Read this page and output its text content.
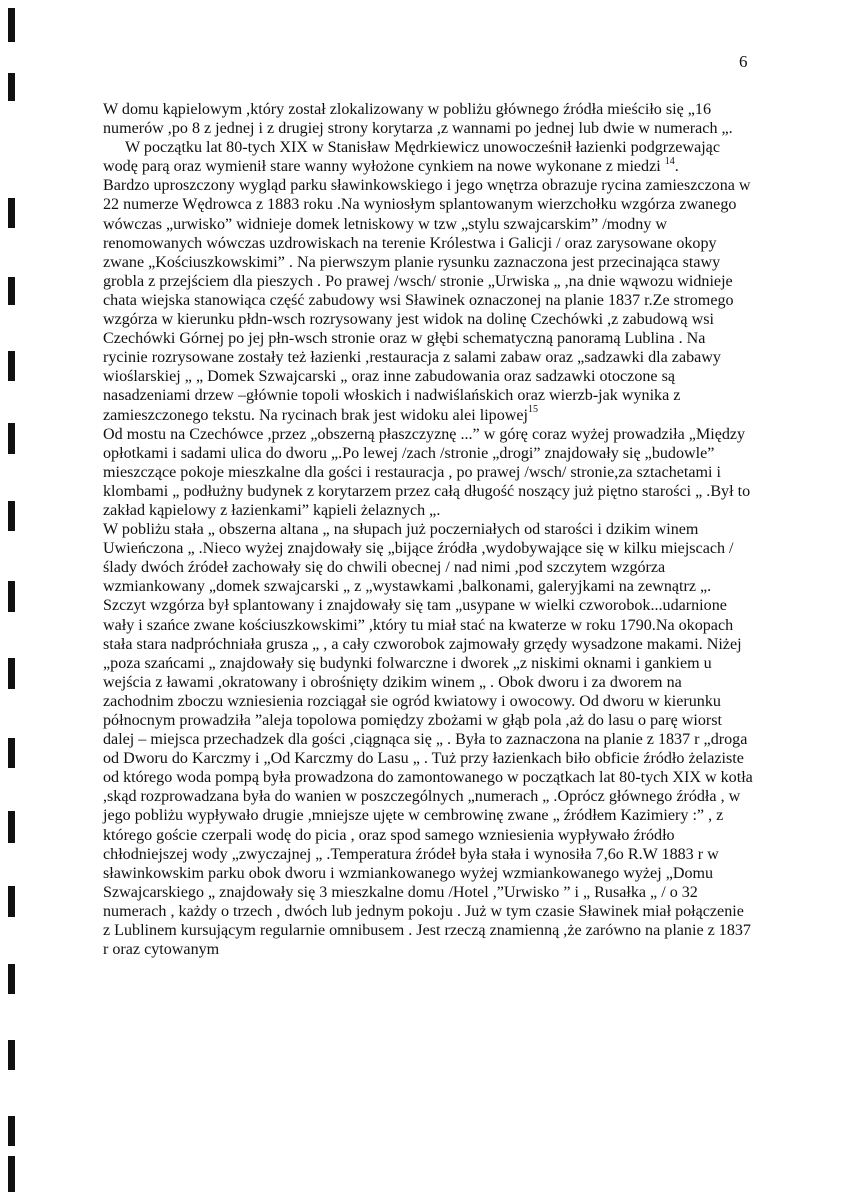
6

W domu kąpielowym ,który został zlokalizowany w pobliżu głównego źródła mieściło się „16 numerów ,po 8 z jednej i z drugiej strony korytarza ,z wannami po jednej lub dwie w numerach „.

W początku lat 80-tych XIX w Stanisław Mędrkiewicz unowocześnił łazienki podgrzewając wodę parą oraz wymienił stare wanny wyłożone cynkiem na nowe wykonane z miedzi $^{14}$.

Bardzo uproszczony wygląd parku sławinkowskiego i jego wnętrza obrazuje rycina zamieszczona w 22 numerze Wędrowca z 1883 roku .Na wyniosłym splantowanym wierzchołku wzgórza zwanego wówczas „urwisko” widnieje domek letniskowy w tzw „stylu szwajcarskim” /modny w renomowanych wówczas uzdrowiskach na terenie Królestwa i Galicji / oraz zarysowane okopy zwane „Kościuszkowskimi” . Na pierwszym planie rysunku zaznaczona jest przecinająca stawy grobla z przejściem dla pieszych . Po prawej /wsch/ stronie „Urwiska „ ,na dnie wąwozu widnieje chata wiejska stanowiąca część zabudowy wsi Sławinek oznaczonej na planie 1837 r.Ze stromego wzgórza w kierunku płdn-wsch rozrysowany jest widok na dolinę Czechówki ,z zabudową wsi Czechówki Górnej po jej płn-wsch stronie oraz w głębi schematyczną panoramą Lublina . Na rycinie rozrysowane zostały też łazienki ,restauracja z salami zabaw oraz „sadzawki dla zabawy wioślarskiej „ „ Domek Szwajcarski „ oraz inne zabudowania oraz sadzawki otoczone są nasadzeniami drzew –głównie topoli włoskich i nadwiślańskich oraz wierzb-jak wynika z zamieszczonego tekstu. Na rycinach brak jest widoku alei lipowej$^{15}$

Od mostu na Czechówce ,przez „obszerną płaszczyznę ...” w górę coraz wyżej prowadziła „Między opłotkami i sadami ulica do dworu „.Po lewej /zach /stronie „drogi” znajdowały się „budowle” mieszczące pokoje mieszkalne dla gości i restauracja , po prawej /wsch/ stronie,za sztachetami i klombami „ podłużny budynek z korytarzem przez całą długość noszący już piętno starości „ .Był to zakład kąpielowy z łazienkami” kąpieli żelaznych „.

W pobliżu stała „ obszerna altana „ na słupach już poczerniałych od starości i dzikim winem Uwieńczona „ .Nieco wyżej znajdowały się „bijące źródła ,wydobywające się w kilku miejscach /ślady dwóch źródeł zachowały się do chwili obecnej / nad nimi ,pod szczytem wzgórza wzmiankowany „domek szwajcarski „ z „wystawkami ,balkonami, galeryjkami na zewnątrz „. Szczyt wzgórza był splantowany i znajdowały się tam „usypane w wielki czworobok...udarnione wały i szańce zwane kościuszkowskimi” ,który tu miał stać na kwaterze w roku 1790.Na okopach stała stara nadpróchniała grusza „ , a cały czworobok zajmowały grzędy wysadzone makami. Niżej „poza szańcami „ znajdowały się budynki folwarczne i dworek „z niskimi oknami i gankiem u wejścia z ławami ,okratowany i obrośnięty dzikim winem „ . Obok dworu i za dworem na zachodnim zboczu wzniesienia rozciągał sie ogród kwiatowy i owocowy. Od dworu w kierunku północnym prowadziła ”aleja topolowa pomiędzy zbożami w głąb pola ,aż do lasu o parę wiorst dalej – miejsca przechadzek dla gości ,ciągnąca się „ . Była to zaznaczona na planie z 1837 r „droga od Dworu do Karczmy i „Od Karczmy do Lasu „ . Tuż przy łazienkach biło obficie źródło żelaziste od którego woda pompą była prowadzona do zamontowanego w początkach lat 80-tych XIX w kotła ,skąd rozprowadzana była do wanien w poszczególnych „numerach „ .Oprócz głównego źródła , w jego pobliżu wypływało drugie ,mniejsze ujęte w cembrowinę zwane „ źródłem Kazimiery :” , z którego goście czerpali wodę do picia , oraz spod samego wzniesienia wypływało źródło chłodniejszej wody „zwyczajnej „ .Temperatura źródeł była stała i wynosiła 7,6o R.W 1883 r w sławinkowskim parku obok dworu i wzmiankowanego wyżej wzmiankowanego wyżej „Domu Szwajcarskiego „ znajdowały się 3 mieszkalne domu /Hotel ,”Urwisko ” i „ Rusałka „ / o 32 numerach , każdy o trzech , dwóch lub jednym pokoju . Już w tym czasie Sławinek miał połączenie z Lublinem kursującym regularnie omnibusem . Jest rzeczą znamienną ,że zarówno na planie z 1837 r oraz cytowanym
